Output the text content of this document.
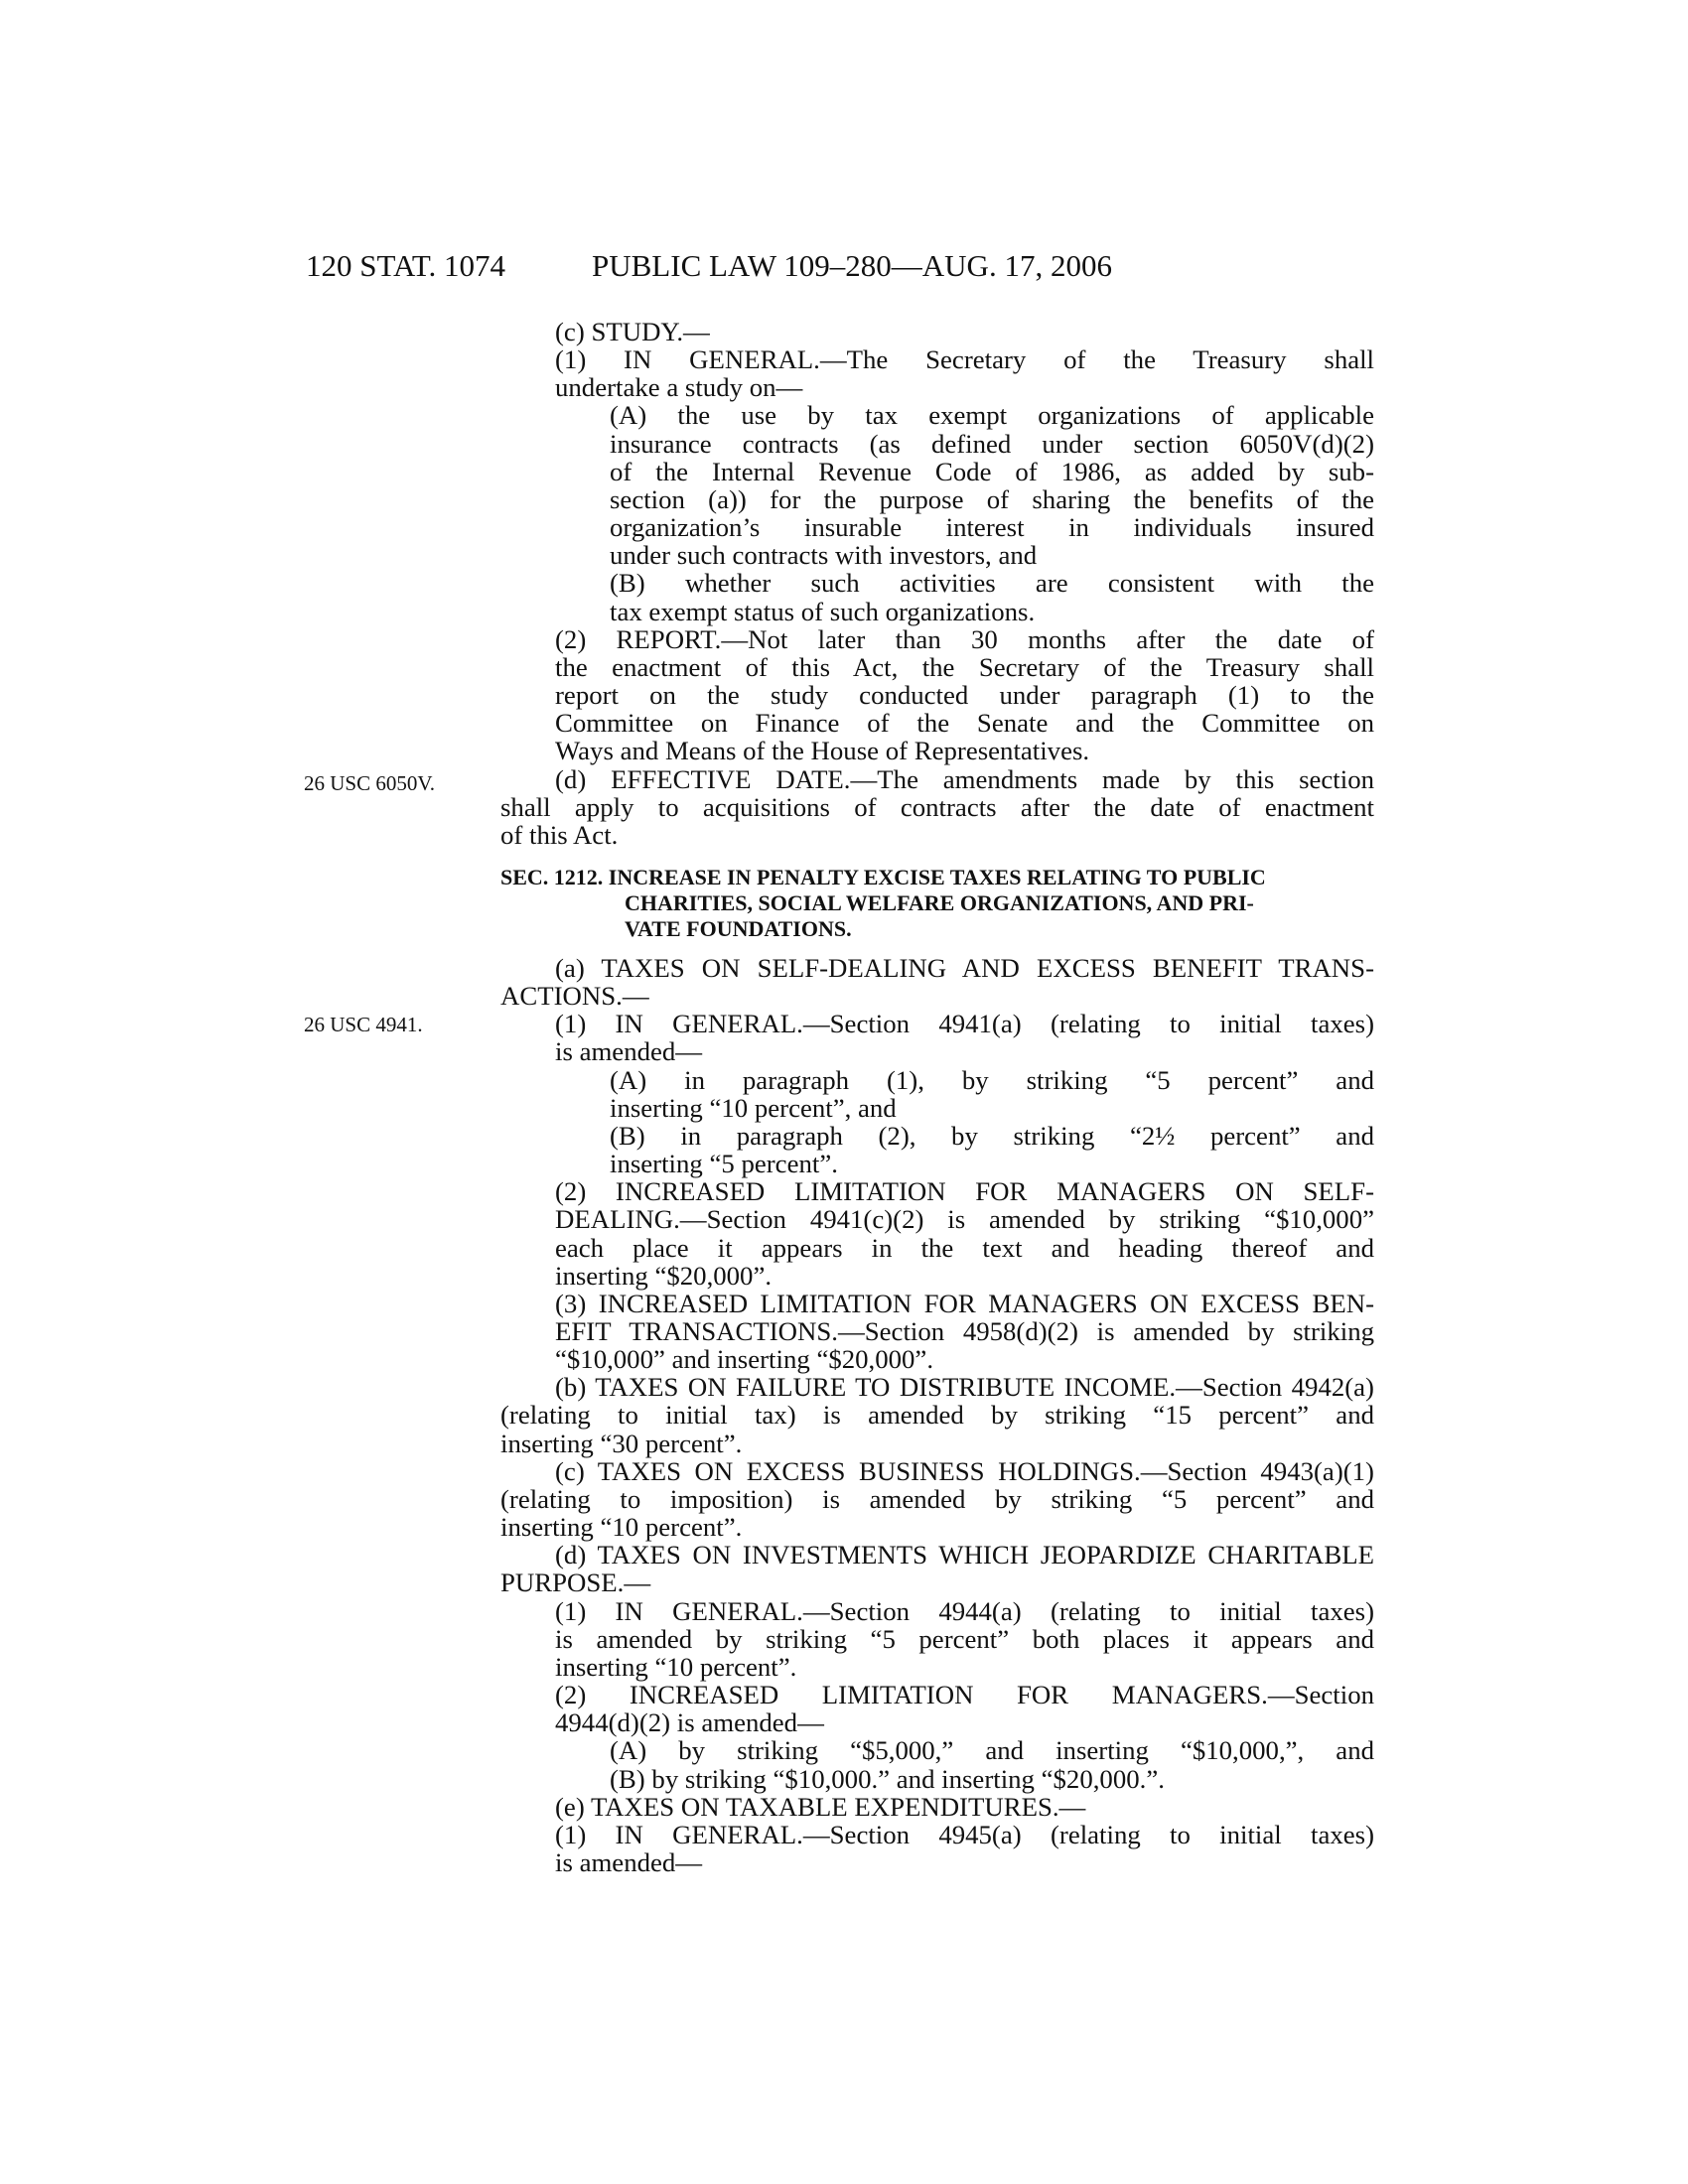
120 STAT. 1074	PUBLIC LAW 109–280—AUG. 17, 2006
26 USC 6050V.
26 USC 4941.
(c) STUDY.—
(1) IN GENERAL.—The Secretary of the Treasury shall
undertake a study on—
(A) the use by tax exempt organizations of applicable
insurance contracts (as defined under section 6050V(d)(2)
of the Internal Revenue Code of 1986, as added by sub-
section (a)) for the purpose of sharing the benefits of the
organization’s insurable interest in individuals insured
under such contracts with investors, and
(B) whether such activities are consistent with the
tax exempt status of such organizations.
(2) REPORT.—Not later than 30 months after the date of
the enactment of this Act, the Secretary of the Treasury shall
report on the study conducted under paragraph (1) to the
Committee on Finance of the Senate and the Committee on
Ways and Means of the House of Representatives.
(d) EFFECTIVE DATE.—The amendments made by this section
shall apply to acquisitions of contracts after the date of enactment
of this Act.
SEC. 1212. INCREASE IN PENALTY EXCISE TAXES RELATING TO PUBLIC
CHARITIES, SOCIAL WELFARE ORGANIZATIONS, AND PRI-
VATE FOUNDATIONS.
(a) TAXES ON SELF-DEALING AND EXCESS BENEFIT TRANS-
ACTIONS.—
(1) IN GENERAL.—Section 4941(a) (relating to initial taxes)
is amended—
(A) in paragraph (1), by striking “5 percent” and
inserting “10 percent”, and
(B) in paragraph (2), by striking “2½ percent” and
inserting “5 percent”.
(2) INCREASED LIMITATION FOR MANAGERS ON SELF-
DEALING.—Section 4941(c)(2) is amended by striking “$10,000”
each place it appears in the text and heading thereof and
inserting “$20,000”.
(3) INCREASED LIMITATION FOR MANAGERS ON EXCESS BEN-
EFIT TRANSACTIONS.—Section 4958(d)(2) is amended by striking
“$10,000” and inserting “$20,000”.
(b) TAXES ON FAILURE TO DISTRIBUTE INCOME.—Section 4942(a)
(relating to initial tax) is amended by striking “15 percent” and
inserting “30 percent”.
(c) TAXES ON EXCESS BUSINESS HOLDINGS.—Section 4943(a)(1)
(relating to imposition) is amended by striking “5 percent” and
inserting “10 percent”.
(d) TAXES ON INVESTMENTS WHICH JEOPARDIZE CHARITABLE
PURPOSE.—
(1) IN GENERAL.—Section 4944(a) (relating to initial taxes)
is amended by striking “5 percent” both places it appears and
inserting “10 percent”.
(2) INCREASED LIMITATION FOR MANAGERS.—Section
4944(d)(2) is amended—
(A) by striking “$5,000,” and inserting “$10,000,”, and
(B) by striking “$10,000.” and inserting “$20,000.”.
(e) TAXES ON TAXABLE EXPENDITURES.—
(1) IN GENERAL.—Section 4945(a) (relating to initial taxes)
is amended—
